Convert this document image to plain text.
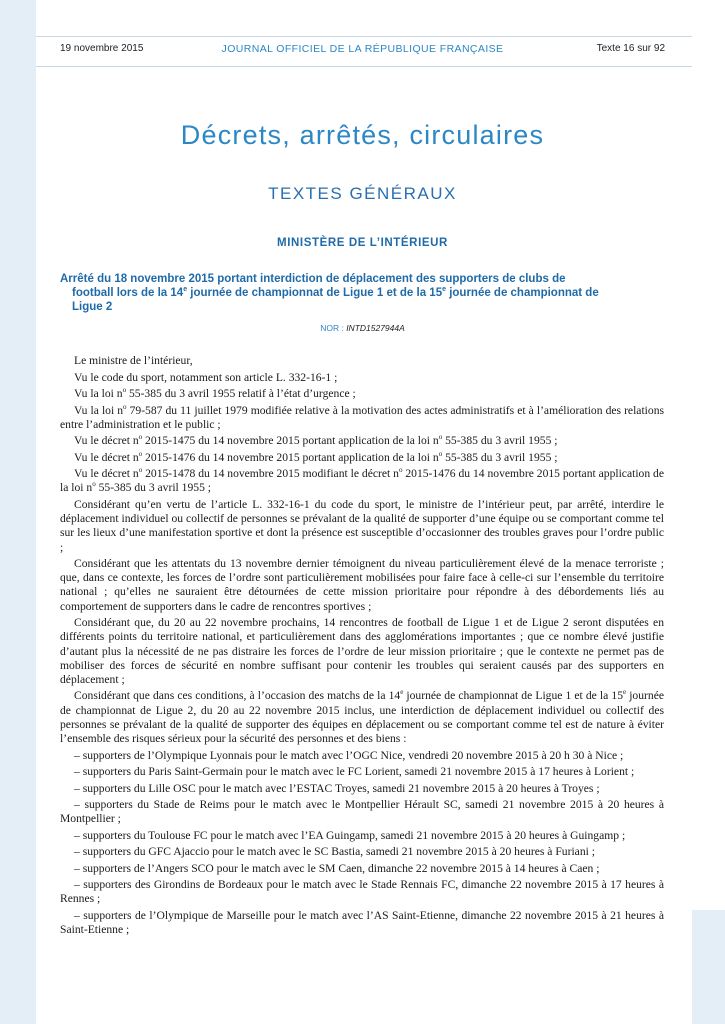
19 novembre 2015	JOURNAL OFFICIEL DE LA RÉPUBLIQUE FRANÇAISE	Texte 16 sur 92
Décrets, arrêtés, circulaires
TEXTES GÉNÉRAUX
MINISTÈRE DE L’INTÉRIEUR
Arrêté du 18 novembre 2015 portant interdiction de déplacement des supporters de clubs de
football lors de la 14e journée de championnat de Ligue 1 et de la 15e journée de championnat de
Ligue 2
NOR : INTD1527944A

Le ministre de l’intérieur,

Vu le code du sport, notamment son article L. 332-16-1 ;

Vu la loi $n^o$ 55-385 du 3 avril 1955 relatif à l’état d’urgence ;

Vu la loi $n^o$ 79-587 du 11 juillet 1979 modifiée relative à la motivation des actes administratifs et à l’amélioration des relations entre l’administration et le public ;

Vu le décret $n^o$ 2015-1475 du 14 novembre 2015 portant application de la loi $n^o$ 55-385 du 3 avril 1955 ;

Vu le décret $n^o$ 2015-1476 du 14 novembre 2015 portant application de la loi $n^o$ 55-385 du 3 avril 1955 ;

Vu le décret $n^o$ 2015-1478 du 14 novembre 2015 modifiant le décret $n^o$ 2015-1476 du 14 novembre 2015 portant application de la loi $n^o$ 55-385 du 3 avril 1955 ;

Considérant qu’en vertu de l’article L. 332-16-1 du code du sport, le ministre de l’intérieur peut, par arrêté, interdire le déplacement individuel ou collectif de personnes se prévalant de la qualité de supporter d’une équipe ou se comportant comme tel sur les lieux d’une manifestation sportive et dont la présence est susceptible d’occasionner des troubles graves pour l’ordre public ;

Considérant que les attentats du 13 novembre dernier témoignent du niveau particulièrement élevé de la menace terroriste ; que, dans ce contexte, les forces de l’ordre sont particulièrement mobilisées pour faire face à celle-ci sur l’ensemble du territoire national ; qu’elles ne sauraient être détournées de cette mission prioritaire pour répondre à des débordements liés au comportement de supporters dans le cadre de rencontres sportives ;

Considérant que, du 20 au 22 novembre prochains, 14 rencontres de football de Ligue 1 et de Ligue 2 seront disputées en différents points du territoire national, et particulièrement dans des agglomérations importantes ; que ce nombre élevé justifie d’autant plus la nécessité de ne pas distraire les forces de l’ordre de leur mission prioritaire ; que le contexte ne permet pas de mobiliser des forces de sécurité en nombre suffisant pour contenir les troubles qui seraient causés par des supporters en déplacement ;

Considérant que dans ces conditions, à l’occasion des matchs de la 14e journée de championnat de Ligue 1 et de la 15e journée de championnat de Ligue 2, du 20 au 22 novembre 2015 inclus, une interdiction de déplacement individuel ou collectif des personnes se prévalant de la qualité de supporter des équipes en déplacement ou se comportant comme tel est de nature à éviter l’ensemble des risques sérieux pour la sécurité des personnes et des biens :

– supporters de l’Olympique Lyonnais pour le match avec l’OGC Nice, vendredi 20 novembre 2015 à 20 h 30 à Nice ;

– supporters du Paris Saint-Germain pour le match avec le FC Lorient, samedi 21 novembre 2015 à 17 heures à Lorient ;

– supporters du Lille OSC pour le match avec l’ESTAC Troyes, samedi 21 novembre 2015 à 20 heures à Troyes ;

– supporters du Stade de Reims pour le match avec le Montpellier Hérault SC, samedi 21 novembre 2015 à 20 heures à Montpellier ;

– supporters du Toulouse FC pour le match avec l’EA Guingamp, samedi 21 novembre 2015 à 20 heures à Guingamp ;

– supporters du GFC Ajaccio pour le match avec le SC Bastia, samedi 21 novembre 2015 à 20 heures à Furiani ;

– supporters de l’Angers SCO pour le match avec le SM Caen, dimanche 22 novembre 2015 à 14 heures à Caen ;

– supporters des Girondins de Bordeaux pour le match avec le Stade Rennais FC, dimanche 22 novembre 2015 à 17 heures à Rennes ;

– supporters de l’Olympique de Marseille pour le match avec l’AS Saint-Etienne, dimanche 22 novembre 2015 à 21 heures à Saint-Etienne ;
